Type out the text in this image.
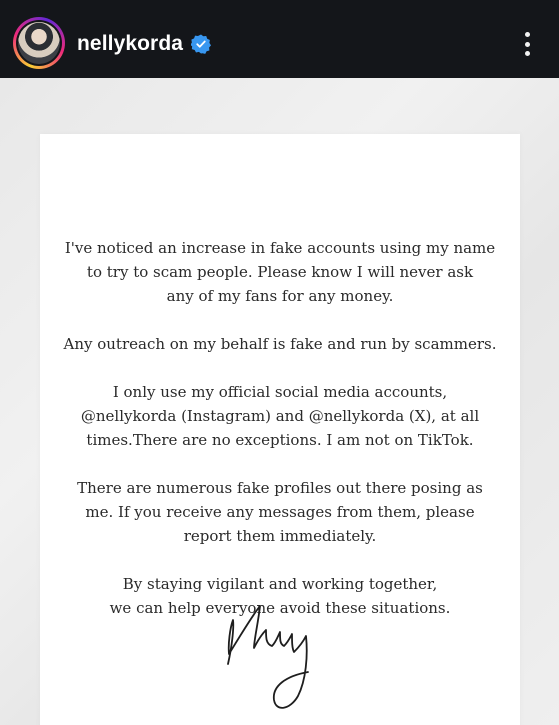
nellykorda
I've noticed an increase in fake accounts using my name
to try to scam people. Please know I will never ask
any of my fans for any money.
Any outreach on my behalf is fake and run by scammers.
I only use my official social media accounts,
@nellykorda (Instagram) and @nellykorda (X), at all
times.There are no exceptions. I am not on TikTok.
There are numerous fake profiles out there posing as
me. If you receive any messages from them, please
report them immediately.
By staying vigilant and working together,
we can help everyone avoid these situations.
